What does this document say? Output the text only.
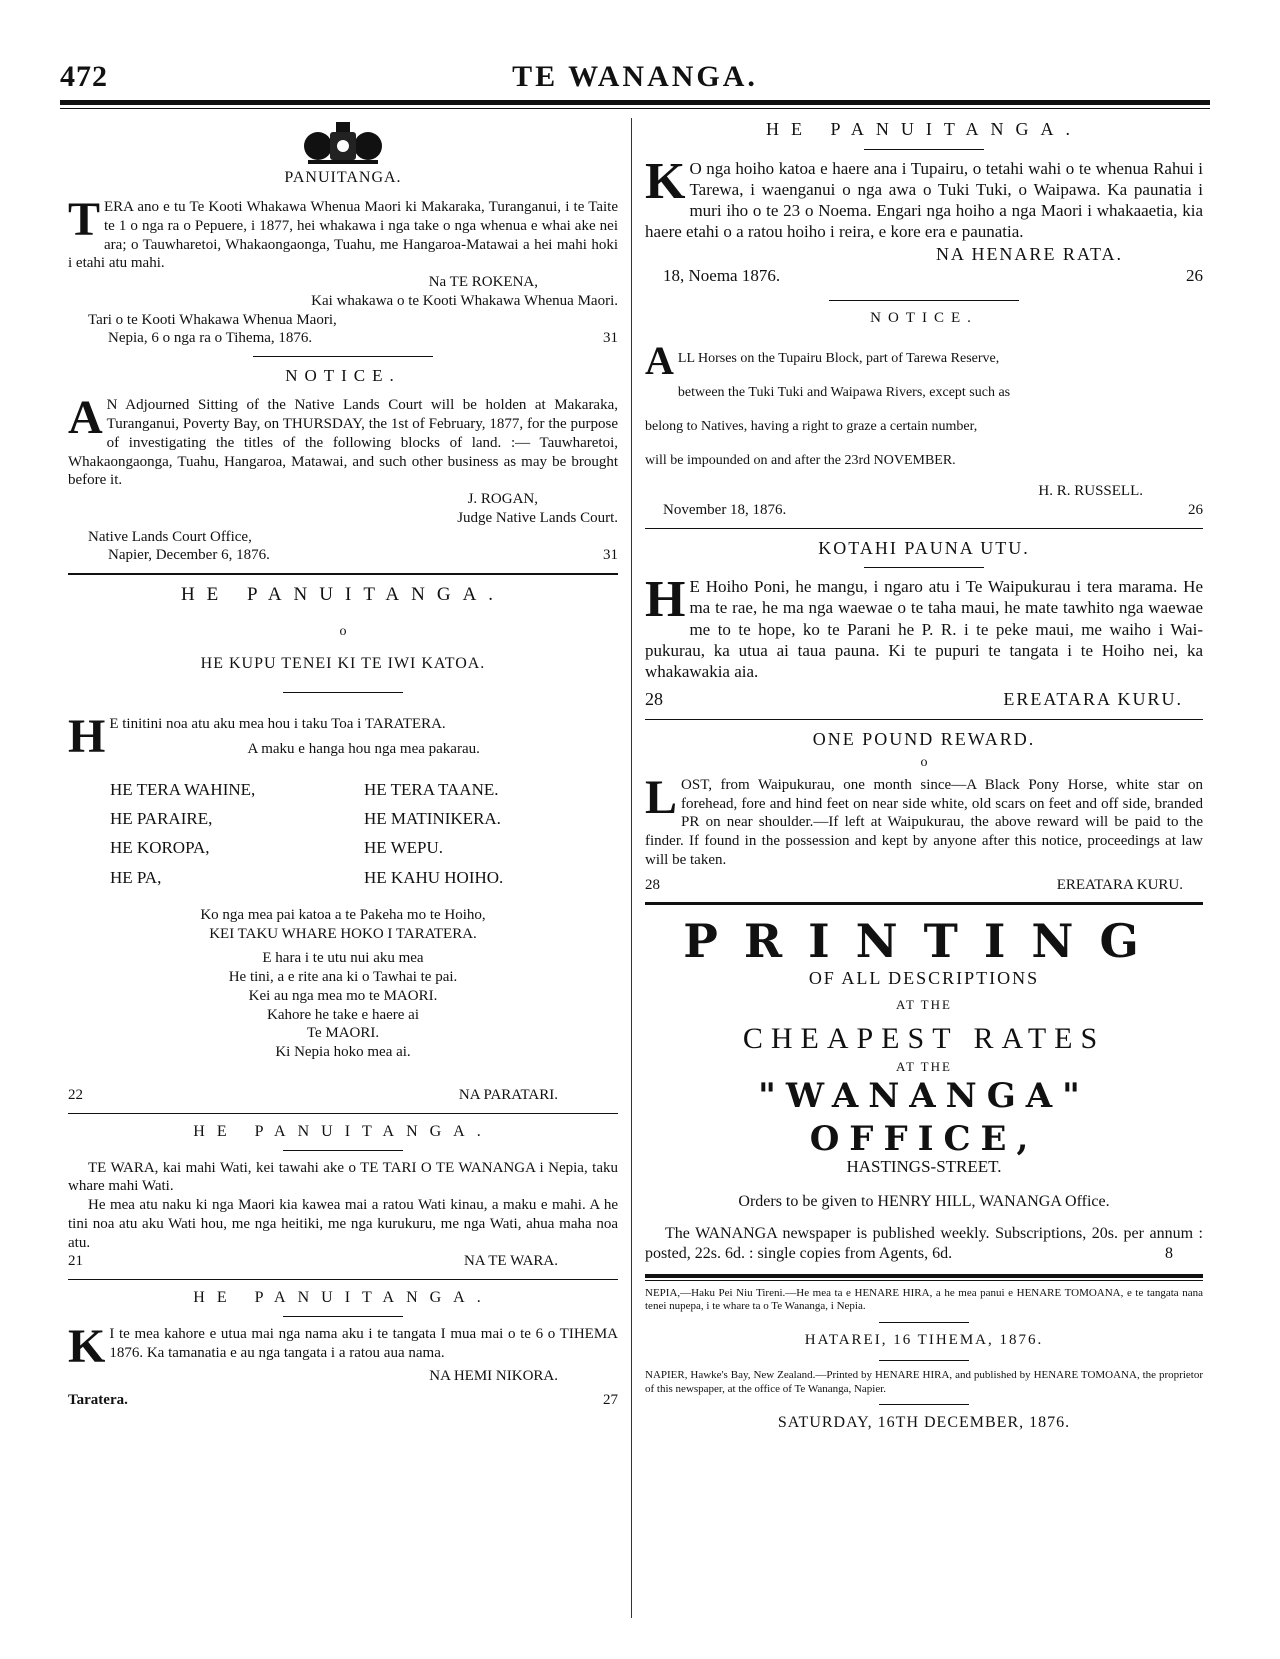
472	TE WANANGA.
PANUITANGA.

T ERA ano e tu Te Kooti Whakawa Whenua Maori ki Makaraka, Turanganui, i te Taite te 1 o nga ra o Pepuere, i 1877, hei whakawa i nga take o nga whenua e whai ake nei ara; o Tauwharetoi, Whakaongaonga, Tuahu, me Hangaroa-Matawai a hei mahi hoki i etahi atu mahi.

Na TE ROKENA,
Kai whakawa o te Kooti Whakawa Whenua Maori.
Tari o te Kooti Whakawa Whenua Maori,
Nepia, 6 o nga ra o Tihema, 1876.	31
NOTICE.

A N Adjourned Sitting of the Native Lands Court will be holden at Makaraka, Turanganui, Poverty Bay, on THURSDAY, the 1st of February, 1877, for the purpose of investigating the titles of the following blocks of land. :— Tauwharetoi, Whakaongaonga, Tuahu, Hangaroa, Matawai, and such other business as may be brought before it.

J. ROGAN,
Judge Native Lands Court.
Native Lands Court Office,
Napier, December 6, 1876.	31
HE PANUITANGA.
o
HE KUPU TENEI KI TE IWI KATOA.

H E tinitini noa atu aku mea hou i taku Toa i TARATERA.

A maku e hanga hou nga mea pakarau.
HE TERA WAHINE,	HE TERA TAANE.
HE PARAIRE,	HE MATINIKERA.
HE KOROPA,	HE WEPU.
HE PA,	HE KAHU HOIHO.
Ko nga mea pai katoa a te Pakeha mo te Hoiho,
KEI TAKU WHARE HOKO I TARATERA.
E hara i te utu nui aku mea
He tini, a e rite ana ki o Tawhai te pai.
Kei au nga mea mo te MAORI.
Kahore he take e haere ai
Te MAORI.
Ki Nepia hoko mea ai.
22	NA PARATARI.
HE PANUITANGA.

TE WARA, kai mahi Wati, kei tawahi ake o TE TARI O TE WANANGA i Nepia, taku whare mahi Wati.

He mea atu naku ki nga Maori kia kawea mai a ratou Wati kinau, a maku e mahi. A he tini noa atu aku Wati hou, me nga heitiki, me nga kurukuru, me nga Wati, ahua maha noa atu.

21	NA TE WARA.
HE PANUITANGA.

K I te mea kahore e utua mai nga nama aku i te tangata I mua mai o te 6 o TIHEMA 1876. Ka tamanatia e au nga tangata i a ratou aua nama.

NA HEMI NIKORA.
Taratera.	27
HE PANUITANGA.

K O nga hoiho katoa e haere ana i Tupairu, o tetahi wahi o te whenua Rahui i Tarewa, i waenganui o nga awa o Tuki Tuki, o Waipawa. Ka paunatia i muri iho o te 23 o Noema. Engari nga hoiho a nga Maori i whakaaetia, kia haere etahi o a ratou hoiho i reira, e kore era e paunatia.

NA HENARE RATA.
18, Noema 1876.	26
NOTICE.
A LL Horses on the Tupairu Block, part of Tarewa Reserve,
between the Tuki Tuki and Waipawa Rivers, except such as
belong to Natives, having a right to graze a certain number,
will be impounded on and after the 23rd NOVEMBER.
H. R. RUSSELL.
November 18, 1876.	26
KOTAHI PAUNA UTU.

H E Hoiho Poni, he mangu, i ngaro atu i Te Waipukurau i tera marama. He ma te rae, he ma nga waewae o te taha maui, he mate tawhito nga waewae me to te hope, ko te Parani he P. R. i te peke maui, me waiho i Wai-pukurau, ka utua ai taua pauna. Ki te pupuri te tangata i te Hoiho nei, ka whakawakia aia.

28	EREATARA KURU.
ONE POUND REWARD.
o

L OST, from Waipukurau, one month since—A Black Pony Horse, white star on forehead, fore and hind feet on near side white, old scars on feet and off side, branded PR on near shoulder.—If left at Waipukurau, the above reward will be paid to the finder. If found in the possession and kept by anyone after this notice, proceedings at law will be taken.

28	EREATARA KURU.
PRINTING
OF ALL DESCRIPTIONS
AT THE
CHEAPEST RATES
AT THE
"WANANGA" OFFICE,
HASTINGS-STREET.
Orders to be given to HENRY HILL, WANANGA Office.

The WANANGA newspaper is published weekly. Subscriptions, 20s. per annum : posted, 22s. 6d. : single copies from Agents, 6d.	8

NEPIA,—Haku Pei Niu Tireni.—He mea ta e HENARE HIRA, a he mea panui e HENARE TOMOANA, e te tangata nana tenei nupepa, i te whare ta o Te Wananga, i Nepia.

HATAREI, 16 TIHEMA, 1876.

NAPIER, Hawke's Bay, New Zealand.—Printed by HENARE HIRA, and published by HENARE TOMOANA, the proprietor of this newspaper, at the office of Te Wananga, Napier.

SATURDAY, 16TH DECEMBER, 1876.
